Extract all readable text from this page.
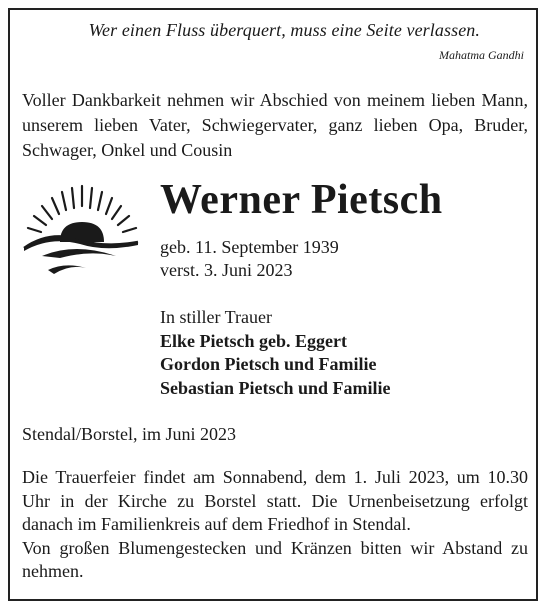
Wer einen Fluss überquert, muss eine Seite verlassen.
Mahatma Gandhi
Voller Dankbarkeit nehmen wir Abschied von meinem lieben Mann, unserem lieben Vater, Schwiegervater, ganz lieben Opa, Bruder, Schwager, Onkel und Cousin
Werner Pietsch
geb. 11. September 1939
verst. 3. Juni 2023
In stiller Trauer
Elke Pietsch geb. Eggert
Gordon Pietsch und Familie
Sebastian Pietsch und Familie
Stendal/Borstel, im Juni 2023
Die Trauerfeier findet am Sonnabend, dem 1. Juli 2023, um 10.30 Uhr in der Kirche zu Borstel statt. Die Urnenbeisetzung erfolgt danach im Familienkreis auf dem Friedhof in Stendal.
Von großen Blumengestecken und Kränzen bitten wir Abstand zu nehmen.
